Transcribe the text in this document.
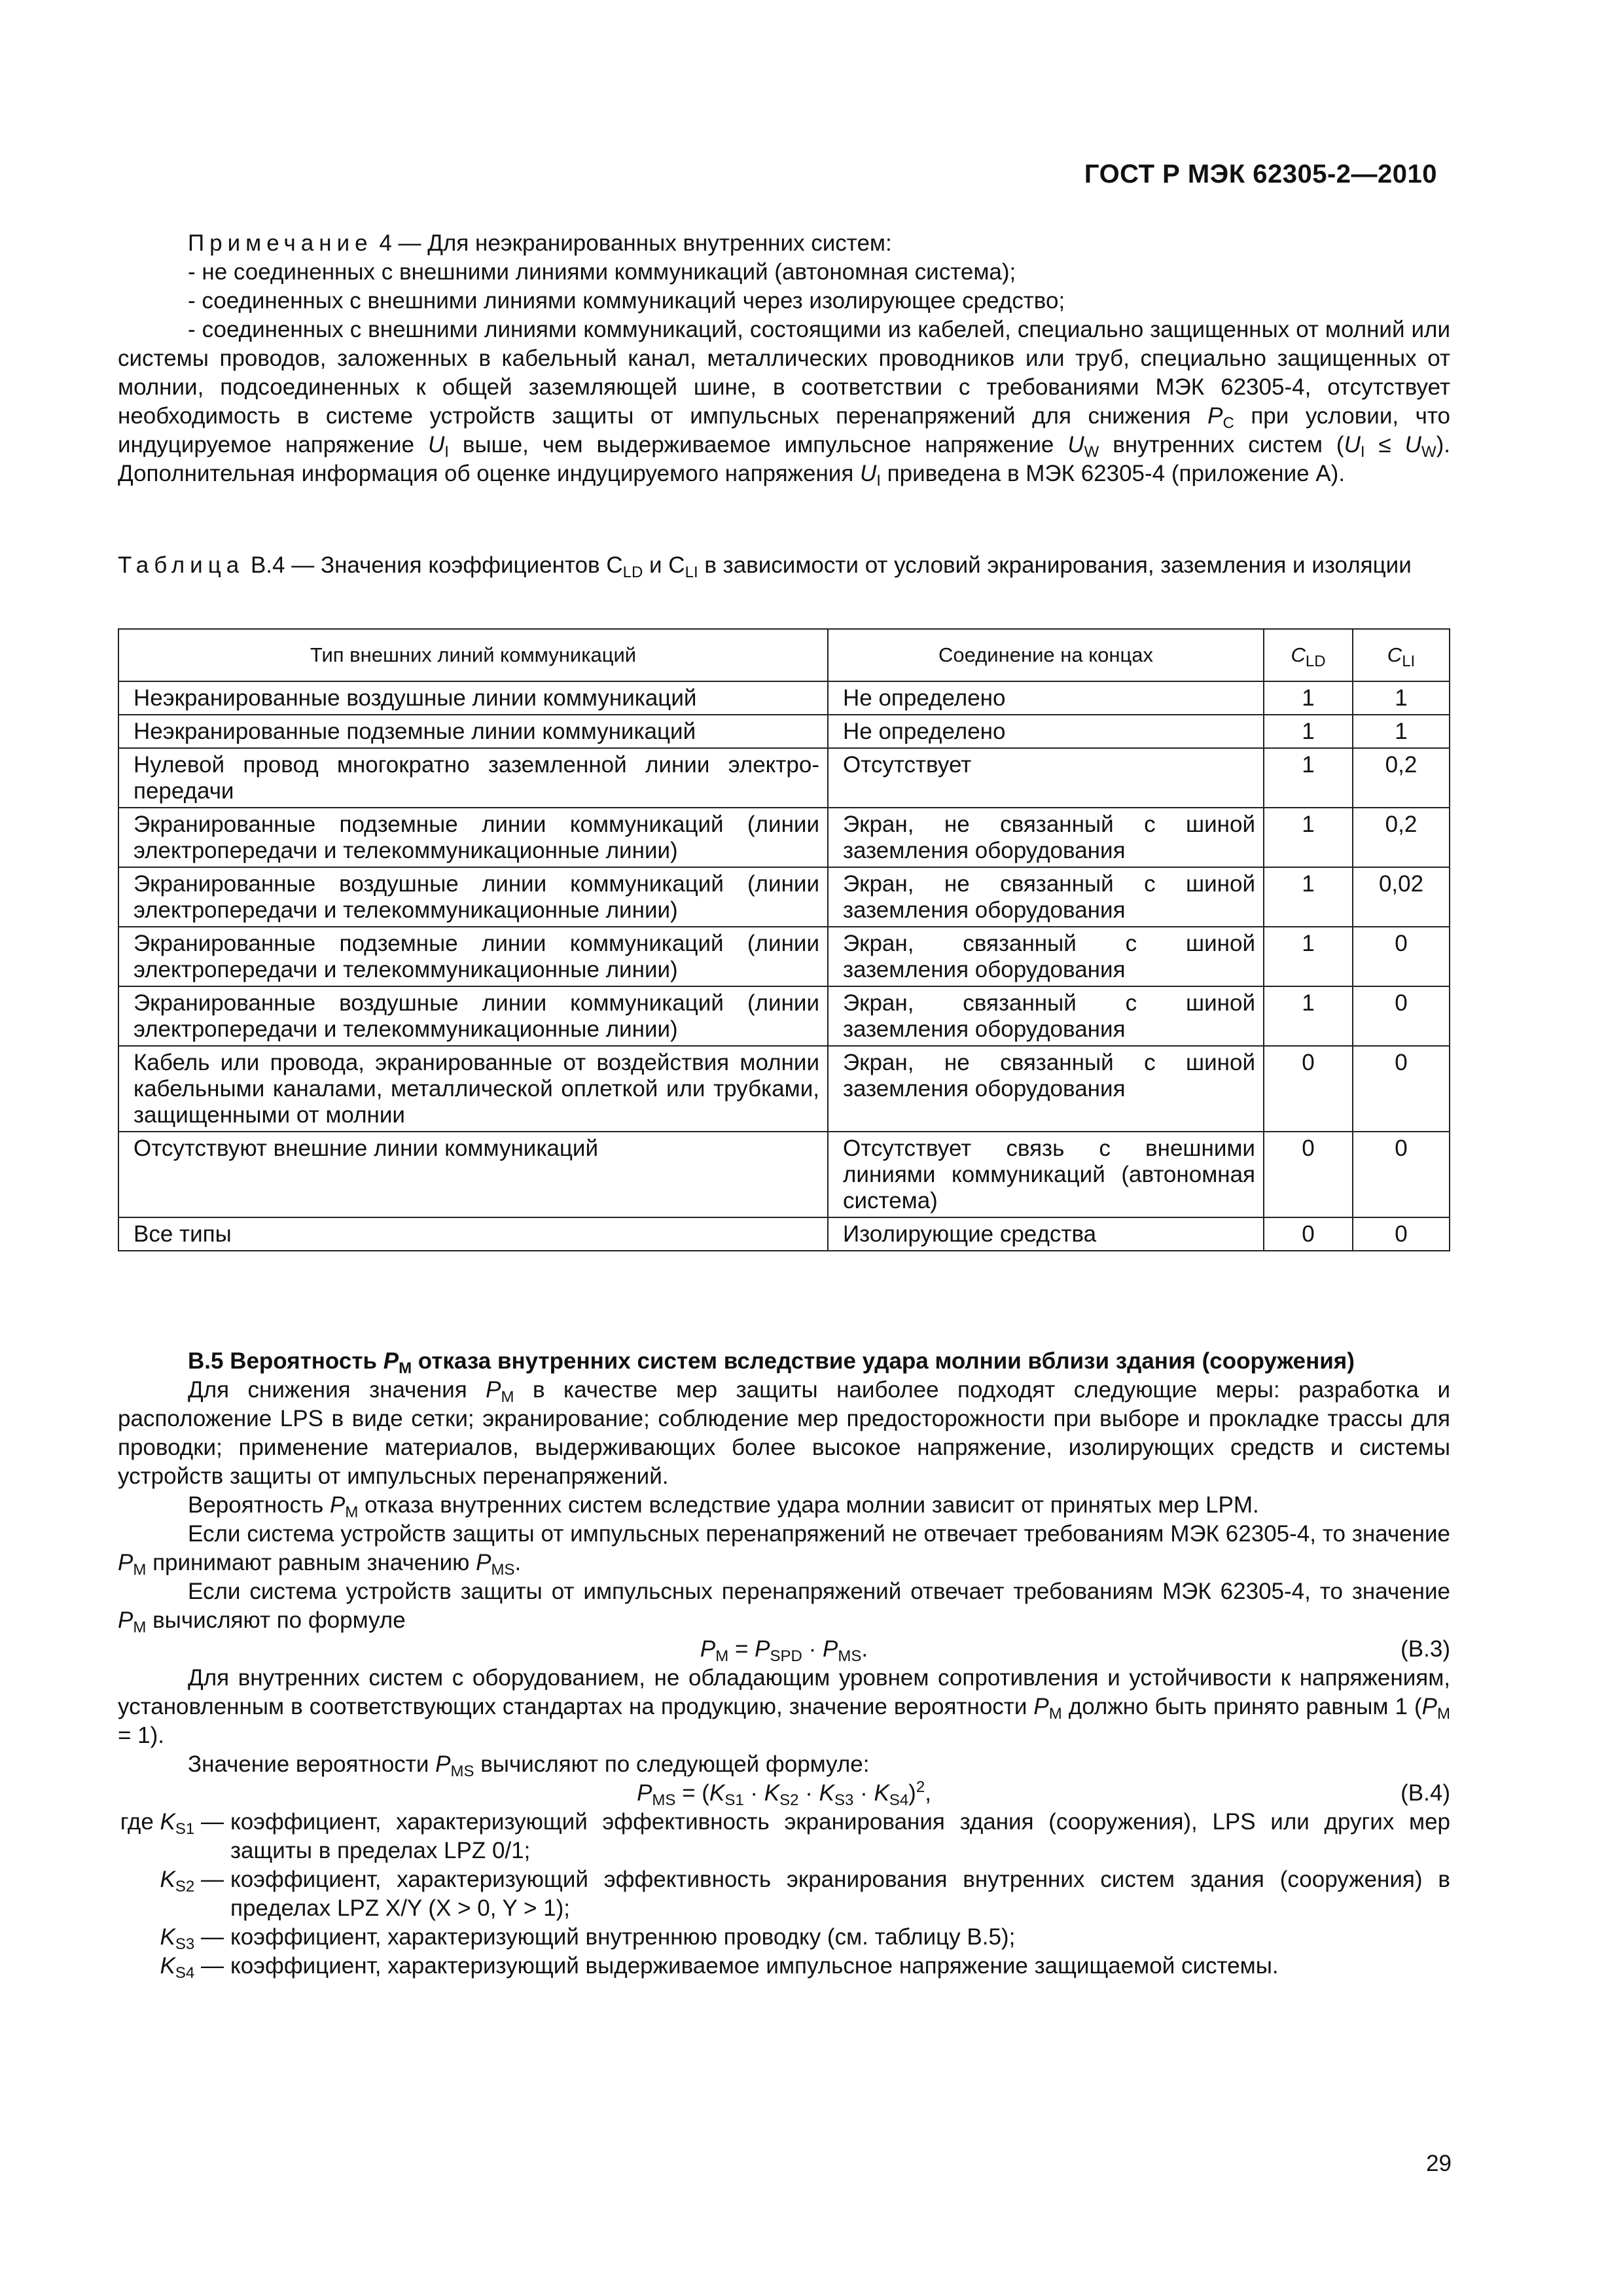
ГОСТ Р МЭК 62305-2—2010

Примечание 4 — Для неэкранированных внутренних систем:

- не соединенных с внешними линиями коммуникаций (автономная система);

- соединенных с внешними линиями коммуникаций через изолирующее средство;

- соединенных с внешними линиями коммуникаций, состоящими из кабелей, специально защищенных от молний или системы проводов, заложенных в кабельный канал, металлических проводников или труб, специально защищенных от молнии, подсоединенных к общей заземляющей шине, в соответствии с требованиями МЭК 62305-4, отсутствует необходимость в системе устройств защиты от импульсных перенапряжений для снижения $P_C$ при условии, что индуцируемое напряжение $U_I$ выше, чем выдерживаемое импульсное напряжение $U_W$ внутренних систем $(U_I \le U_W)$. Дополнительная информация об оценке индуцируемого напряжения $U_I$ приведена в МЭК 62305-4 (приложение А).

Таблица В.4 — Значения коэффициентов $C_{LD}$ и $C_{LI}$ в зависимости от условий экранирования, заземления и изоляции

Тип внешних линий коммуникаций	Соединение на концах	$C_{LD}$	$C_{LI}$
Неэкранированные воздушные линии коммуникаций	Не определено	1	1
Неэкранированные подземные линии коммуникаций	Не определено	1	1
Нулевой провод многократно заземленной линии электро-передачи	Отсутствует	1	0,2
Экранированные подземные линии коммуникаций (линии электропередачи и телекоммуникационные линии)	Экран, не связанный с шиной заземления оборудования	1	0,2
Экранированные воздушные линии коммуникаций (линии электропередачи и телекоммуникационные линии)	Экран, не связанный с шиной заземления оборудования	1	0,02
Экранированные подземные линии коммуникаций (линии электропередачи и телекоммуникационные линии)	Экран, связанный с шиной заземления оборудования	1	0
Экранированные воздушные линии коммуникаций (линии электропередачи и телекоммуникационные линии)	Экран, связанный с шиной заземления оборудования	1	0
Кабель или провода, экранированные от воздействия молнии кабельными каналами, металлической оплеткой или трубками, защищенными от молнии	Экран, не связанный с шиной заземления оборудования	0	0
Отсутствуют внешние линии коммуникаций	Отсутствует связь с внешними линиями коммуникаций (автономная система)	0	0
Все типы	Изолирующие средства	0	0

В.5 Вероятность $P_M$ отказа внутренних систем вследствие удара молнии вблизи здания (сооружения)

Для снижения значения $P_M$ в качестве мер защиты наиболее подходят следующие меры: разработка и расположение LPS в виде сетки; экранирование; соблюдение мер предосторожности при выборе и прокладке трассы для проводки; применение материалов, выдерживающих более высокое напряжение, изолирующих средств и системы устройств защиты от импульсных перенапряжений.

Вероятность $P_M$ отказа внутренних систем вследствие удара молнии зависит от принятых мер LPM.

Если система устройств защиты от импульсных перенапряжений не отвечает требованиям МЭК 62305-4, то значение $P_M$ принимают равным значению $P_{MS}$.

Если система устройств защиты от импульсных перенапряжений отвечает требованиям МЭК 62305-4, то значение $P_M$ вычисляют по формуле

$P_M = P_{SPD} \cdot P_{MS}$.	(В.3)

Для внутренних систем с оборудованием, не обладающим уровнем сопротивления и устойчивости к напряжениям, установленным в соответствующих стандартах на продукцию, значение вероятности $P_M$ должно быть принято равным 1 $(P_M = 1)$.

Значение вероятности $P_{MS}$ вычисляют по следующей формуле:

$P_{MS} = (K_{S1} \cdot K_{S2} \cdot K_{S3} \cdot K_{S4})^2$,	(В.4)
где $K_{S1}$ — коэффициент, характеризующий эффективность экранирования здания (сооружения), LPS или других мер защиты в пределах LPZ 0/1;
$K_{S2}$ — коэффициент, характеризующий эффективность экранирования внутренних систем здания (сооружения) в пределах LPZ X/Y (X > 0, Y > 1);
$K_{S3}$ — коэффициент, характеризующий внутреннюю проводку (см. таблицу В.5);
$K_{S4}$ — коэффициент, характеризующий выдерживаемое импульсное напряжение защищаемой системы.
29
